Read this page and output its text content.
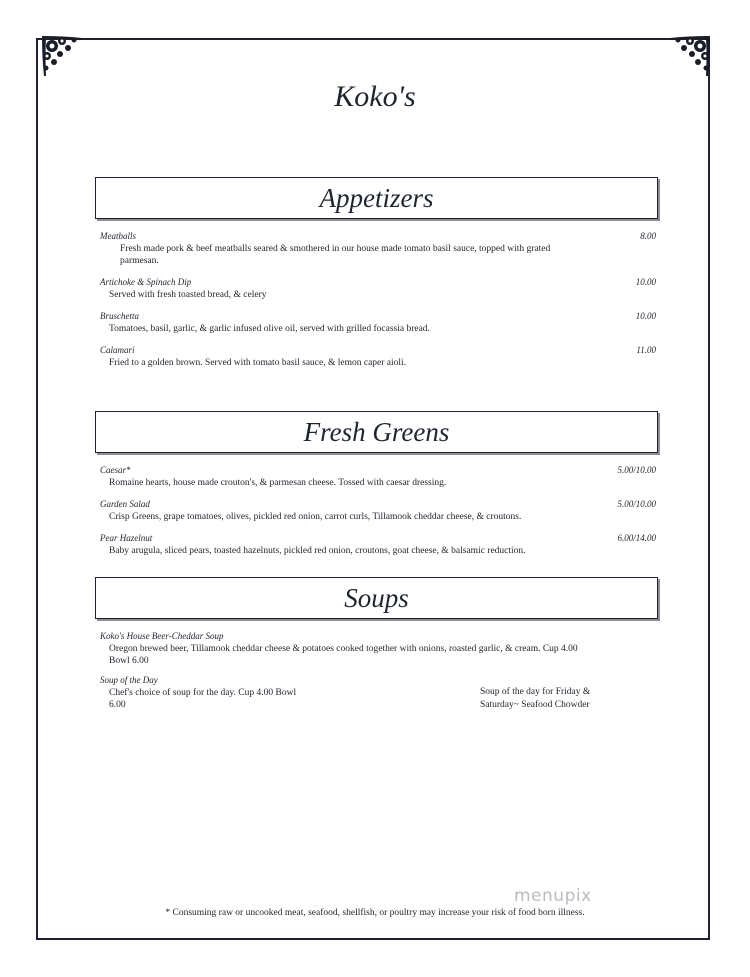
Koko's
Appetizers
Meatballs	8.00
Fresh made pork & beef meatballs seared & smothered in our house made tomato basil sauce, topped with grated parmesan.
Artichoke & Spinach Dip	10.00
Served with fresh toasted bread, & celery
Bruschetta	10.00
Tomatoes, basil, garlic, & garlic infused olive oil, served with grilled focassia bread.
Calamari	11.00
Fried to a golden brown. Served with tomato basil sauce, & lemon caper aioli.
Fresh Greens
Caesar*	5.00/10.00
Romaine hearts, house made crouton's, & parmesan cheese. Tossed with caesar dressing.
Garden Salad	5.00/10.00
Crisp Greens, grape tomatoes, olives, pickled red onion, carrot curls, Tillamook cheddar cheese, & croutons.
Pear Hazelnut	6.00/14.00
Baby arugula, sliced pears, toasted hazelnuts, pickled red onion, croutons, goat cheese, & balsamic reduction.
Soups
Koko's House Beer-Cheddar Soup
Oregon brewed beer, Tillamook cheddar cheese & potatoes cooked together with onions, roasted garlic, & cream. Cup 4.00 Bowl 6.00
Soup of the Day
Chef's choice of soup for the day. Cup 4.00 Bowl 6.00
Soup of the day for Friday & Saturday~ Seafood Chowder
menupix
* Consuming raw or uncooked meat, seafood, shellfish, or poultry may increase your risk of food born illness.
